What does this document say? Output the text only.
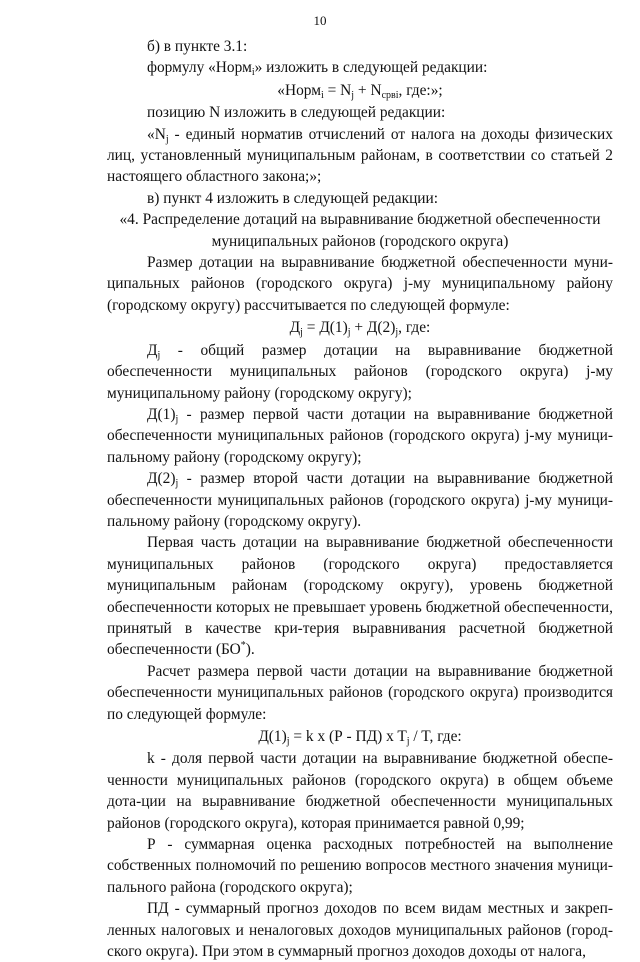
10

б) в пункте 3.1:

формулу «Норм$_i$» изложить в следующей редакции:

«Норм$_i$ = $N_j + N_{срвi}$, где:»;

позицию N изложить в следующей редакции:

«$N_j$ - единый норматив отчислений от налога на доходы физических лиц, установленный муниципальным районам, в соответствии со статьей 2 настоящего областного закона;»;

в) пункт 4 изложить в следующей редакции:

«4. Распределение дотаций на выравнивание бюджетной обеспеченности

муниципальных районов (городского округа)

Размер дотации на выравнивание бюджетной обеспеченности муни-ципальных районов (городского округа) j-му муниципальному району (городскому округу) рассчитывается по следующей формуле:

$Д_j = Д(1)_j + Д(2)_j$, где:

$Д_j$ - общий размер дотации на выравнивание бюджетной обеспеченности муниципальных районов (городского округа) j-му муниципальному району (городскому округу);

$Д(1)_j$ - размер первой части дотации на выравнивание бюджетной обеспеченности муниципальных районов (городского округа) j-му муници-пальному району (городскому округу);

$Д(2)_j$ - размер второй части дотации на выравнивание бюджетной обеспеченности муниципальных районов (городского округа) j-му муници-пальному району (городскому округу).

Первая часть дотации на выравнивание бюджетной обеспеченности муниципальных районов (городского округа) предоставляется муниципальным районам (городскому округу), уровень бюджетной обеспеченности которых не превышает уровень бюджетной обеспеченности, принятый в качестве кри-терия выравнивания расчетной бюджетной обеспеченности (БО*).

Расчет размера первой части дотации на выравнивание бюджетной обеспеченности муниципальных районов (городского округа) производится по следующей формуле:

$Д(1)_j = k$ x (Р - ПД) x $T_j$ / T, где:

k - доля первой части дотации на выравнивание бюджетной обеспе-ченности муниципальных районов (городского округа) в общем объеме дота-ции на выравнивание бюджетной обеспеченности муниципальных районов (городского округа), которая принимается равной 0,99;

Р - суммарная оценка расходных потребностей на выполнение собственных полномочий по решению вопросов местного значения муници-пального района (городского округа);

ПД - суммарный прогноз доходов по всем видам местных и закреп-ленных налоговых и неналоговых доходов муниципальных районов (город-ского округа). При этом в суммарный прогноз доходов доходы от налога,
